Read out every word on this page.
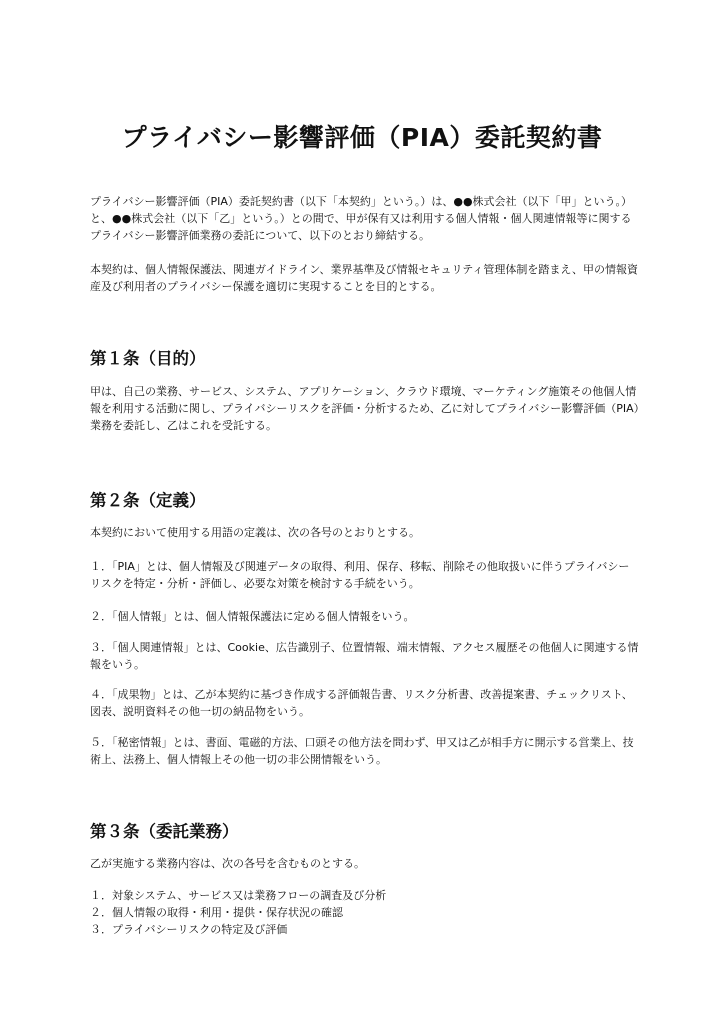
プライバシー影響評価（PIA）委託契約書

プライバシー影響評価（PIA）委託契約書（以下「本契約」という。）は、●●株式会社（以下「甲」という。）と、●●株式会社（以下「乙」という。）との間で、甲が保有又は利用する個人情報・個人関連情報等に関するプライバシー影響評価業務の委託について、以下のとおり締結する。

本契約は、個人情報保護法、関連ガイドライン、業界基準及び情報セキュリティ管理体制を踏まえ、甲の情報資産及び利用者のプライバシー保護を適切に実現することを目的とする。

第１条（目的）

甲は、自己の業務、サービス、システム、アプリケーション、クラウド環境、マーケティング施策その他個人情報を利用する活動に関し、プライバシーリスクを評価・分析するため、乙に対してプライバシー影響評価（PIA）業務を委託し、乙はこれを受託する。

第２条（定義）

本契約において使用する用語の定義は、次の各号のとおりとする。

１．「PIA」とは、個人情報及び関連データの取得、利用、保存、移転、削除その他取扱いに伴うプライバシーリスクを特定・分析・評価し、必要な対策を検討する手続をいう。

２．「個人情報」とは、個人情報保護法に定める個人情報をいう。

３．「個人関連情報」とは、Cookie、広告識別子、位置情報、端末情報、アクセス履歴その他個人に関連する情報をいう。

４．「成果物」とは、乙が本契約に基づき作成する評価報告書、リスク分析書、改善提案書、チェックリスト、図表、説明資料その他一切の納品物をいう。

５．「秘密情報」とは、書面、電磁的方法、口頭その他方法を問わず、甲又は乙が相手方に開示する営業上、技術上、法務上、個人情報上その他一切の非公開情報をいう。

第３条（委託業務）

乙が実施する業務内容は、次の各号を含むものとする。

１．対象システム、サービス又は業務フローの調査及び分析

２．個人情報の取得・利用・提供・保存状況の確認

３．プライバシーリスクの特定及び評価
